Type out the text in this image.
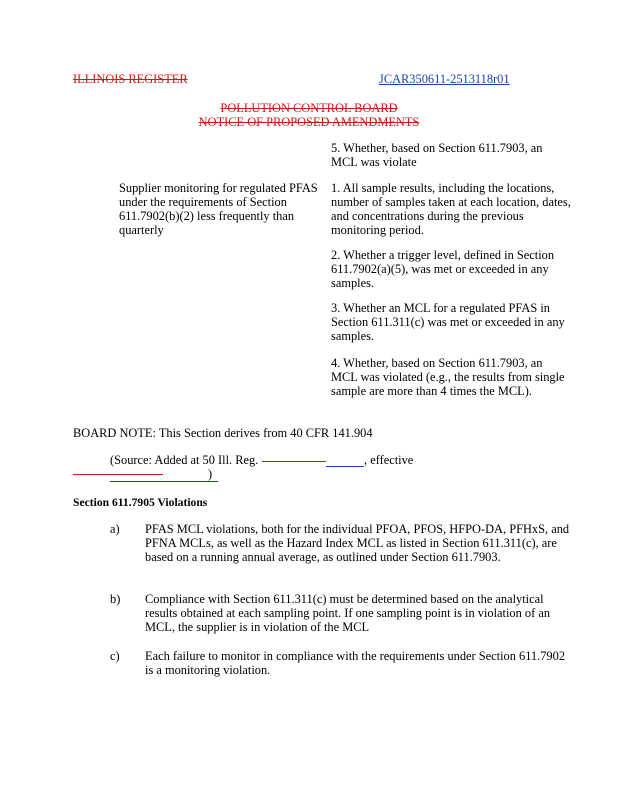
ILLINOIS REGISTER	JCAR350611-2513118r01
POLLUTION CONTROL BOARD
NOTICE OF PROPOSED AMENDMENTS
5. Whether, based on Section 611.7903, an MCL was violate
Supplier monitoring for regulated PFAS under the requirements of Section 611.7902(b)(2) less frequently than quarterly
1. All sample results, including the locations, number of samples taken at each location, dates, and concentrations during the previous monitoring period.
2. Whether a trigger level, defined in Section 611.7902(a)(5), was met or exceeded in any samples.
3. Whether an MCL for a regulated PFAS in Section 611.311(c) was met or exceeded in any samples.
4. Whether, based on Section 611.7903, an MCL was violated (e.g., the results from single sample are more than 4 times the MCL).
BOARD NOTE: This Section derives from 40 CFR 141.904
(Source: Added at 50 Ill. Reg.	, effective
)
Section 611.7905 Violations
a) PFAS MCL violations, both for the individual PFOA, PFOS, HFPO-DA, PFHxS, and PFNA MCLs, as well as the Hazard Index MCL as listed in Section 611.311(c), are based on a running annual average, as outlined under Section 611.7903.
b) Compliance with Section 611.311(c) must be determined based on the analytical results obtained at each sampling point. If one sampling point is in violation of an MCL, the supplier is in violation of the MCL
c) Each failure to monitor in compliance with the requirements under Section 611.7902 is a monitoring violation.
